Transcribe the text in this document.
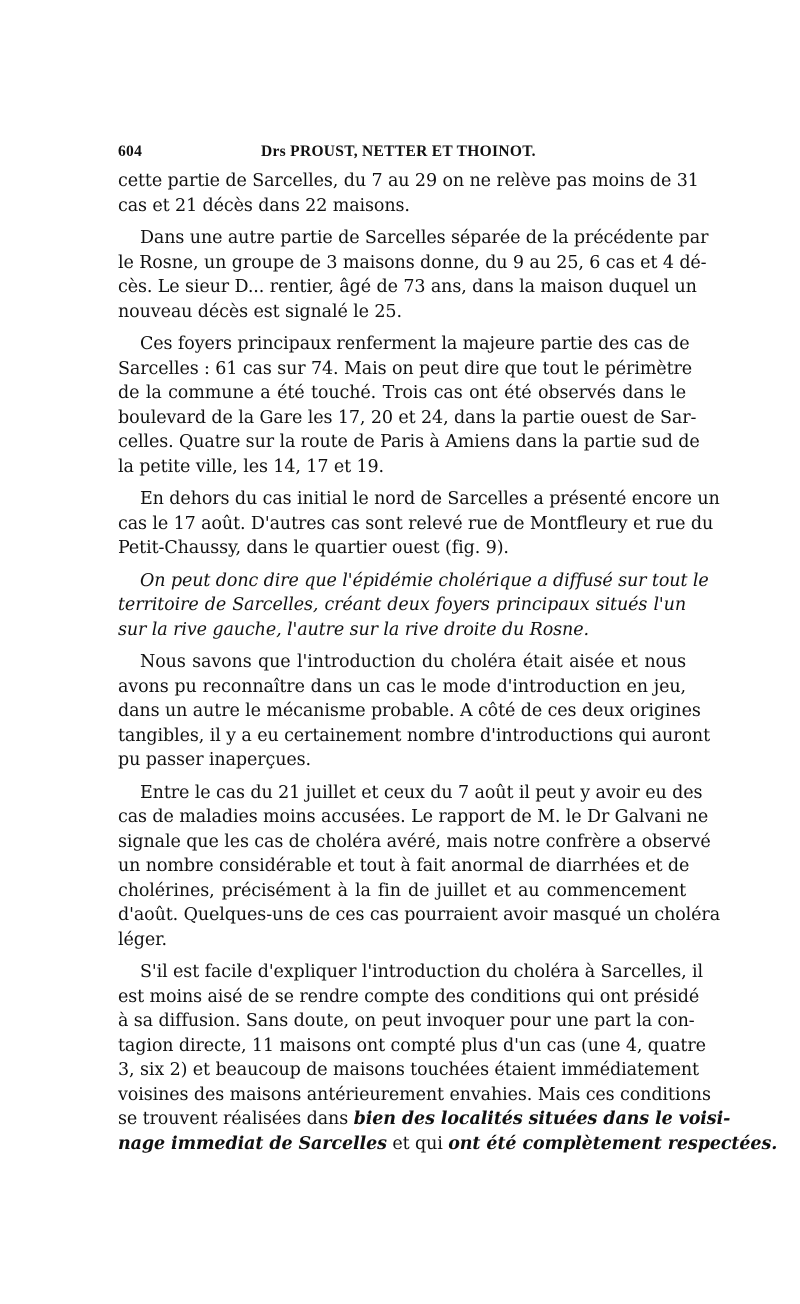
604	Drs PROUST, NETTER ET THOINOT.

cette partie de Sarcelles, du 7 au 29 on ne relève pas moins de 31
cas et 21 décès dans 22 maisons.

Dans une autre partie de Sarcelles séparée de la précédente par
le Rosne, un groupe de 3 maisons donne, du 9 au 25, 6 cas et 4 dé-
cès. Le sieur D... rentier, âgé de 73 ans, dans la maison duquel un
nouveau décès est signalé le 25.

Ces foyers principaux renferment la majeure partie des cas de
Sarcelles : 61 cas sur 74. Mais on peut dire que tout le périmètre
de la commune a été touché. Trois cas ont été observés dans le
boulevard de la Gare les 17, 20 et 24, dans la partie ouest de Sar-
celles. Quatre sur la route de Paris à Amiens dans la partie sud de
la petite ville, les 14, 17 et 19.

En dehors du cas initial le nord de Sarcelles a présenté encore un
cas le 17 août. D'autres cas sont relevé rue de Montfleury et rue du
Petit-Chaussy, dans le quartier ouest (fig. 9).

On peut donc dire que l'épidémie cholérique a diffusé sur tout le
territoire de Sarcelles, créant deux foyers principaux situés l'un
sur la rive gauche, l'autre sur la rive droite du Rosne.

Nous savons que l'introduction du choléra était aisée et nous
avons pu reconnaître dans un cas le mode d'introduction en jeu,
dans un autre le mécanisme probable. A côté de ces deux origines
tangibles, il y a eu certainement nombre d'introductions qui auront
pu passer inaperçues.

Entre le cas du 21 juillet et ceux du 7 août il peut y avoir eu des
cas de maladies moins accusées. Le rapport de M. le Dr Galvani ne
signale que les cas de choléra avéré, mais notre confrère a observé
un nombre considérable et tout à fait anormal de diarrhées et de
cholérines, précisément à la fin de juillet et au commencement
d'août. Quelques-uns de ces cas pourraient avoir masqué un choléra
léger.

S'il est facile d'expliquer l'introduction du choléra à Sarcelles, il
est moins aisé de se rendre compte des conditions qui ont présidé
à sa diffusion. Sans doute, on peut invoquer pour une part la con-
tagion directe, 11 maisons ont compté plus d'un cas (une 4, quatre
3, six 2) et beaucoup de maisons touchées étaient immédiatement
voisines des maisons antérieurement envahies. Mais ces conditions
se trouvent réalisées dans bien des localités situées dans le voisi-
nage immediat de Sarcelles et qui ont été complètement respectées.
